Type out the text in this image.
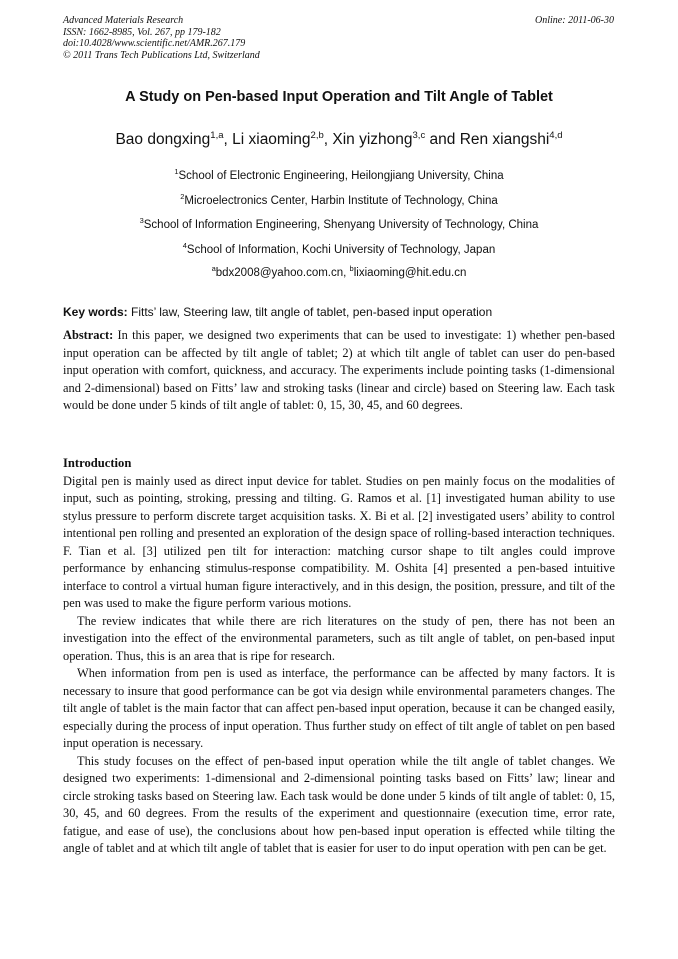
Advanced Materials Research
ISSN: 1662-8985, Vol. 267, pp 179-182
doi:10.4028/www.scientific.net/AMR.267.179
© 2011 Trans Tech Publications Ltd, Switzerland
Online: 2011-06-30
A Study on Pen-based Input Operation and Tilt Angle of Tablet
Bao dongxing$^{1,a}$, Li xiaoming$^{2,b}$, Xin yizhong$^{3,c}$ and Ren xiangshi$^{4,d}$
$^1$School of Electronic Engineering, Heilongjiang University, China
$^2$Microelectronics Center, Harbin Institute of Technology, China
$^3$School of Information Engineering, Shenyang University of Technology, China
$^4$School of Information, Kochi University of Technology, Japan
$^a$bdx2008@yahoo.com.cn, $^b$lixiaoming@hit.edu.cn
Key words: Fitts’ law, Steering law, tilt angle of tablet, pen-based input operation

Abstract: In this paper, we designed two experiments that can be used to investigate: 1) whether pen-based input operation can be affected by tilt angle of tablet; 2) at which tilt angle of tablet can user do pen-based input operation with comfort, quickness, and accuracy. The experiments include pointing tasks (1-dimensional and 2-dimensional) based on Fitts’ law and stroking tasks (linear and circle) based on Steering law. Each task would be done under 5 kinds of tilt angle of tablet: 0, 15, 30, 45, and 60 degrees.

Introduction

Digital pen is mainly used as direct input device for tablet. Studies on pen mainly focus on the modalities of input, such as pointing, stroking, pressing and tilting. G. Ramos et al. [1] investigated human ability to use stylus pressure to perform discrete target acquisition tasks. X. Bi et al. [2] investigated users’ ability to control intentional pen rolling and presented an exploration of the design space of rolling-based interaction techniques. F. Tian et al. [3] utilized pen tilt for interaction: matching cursor shape to tilt angles could improve performance by enhancing stimulus-response compatibility. M. Oshita [4] presented a pen-based intuitive interface to control a virtual human figure interactively, and in this design, the position, pressure, and tilt of the pen was used to make the figure perform various motions.

The review indicates that while there are rich literatures on the study of pen, there has not been an investigation into the effect of the environmental parameters, such as tilt angle of tablet, on pen-based input operation. Thus, this is an area that is ripe for research.

When information from pen is used as interface, the performance can be affected by many factors. It is necessary to insure that good performance can be got via design while environmental parameters changes. The tilt angle of tablet is the main factor that can affect pen-based input operation, because it can be changed easily, especially during the process of input operation. Thus further study on effect of tilt angle of tablet on pen based input operation is necessary.

This study focuses on the effect of pen-based input operation while the tilt angle of tablet changes. We designed two experiments: 1-dimensional and 2-dimensional pointing tasks based on Fitts’ law; linear and circle stroking tasks based on Steering law. Each task would be done under 5 kinds of tilt angle of tablet: 0, 15, 30, 45, and 60 degrees. From the results of the experiment and questionnaire (execution time, error rate, fatigue, and ease of use), the conclusions about how pen-based input operation is effected while tilting the angle of tablet and at which tilt angle of tablet that is easier for user to do input operation with pen can be get.
